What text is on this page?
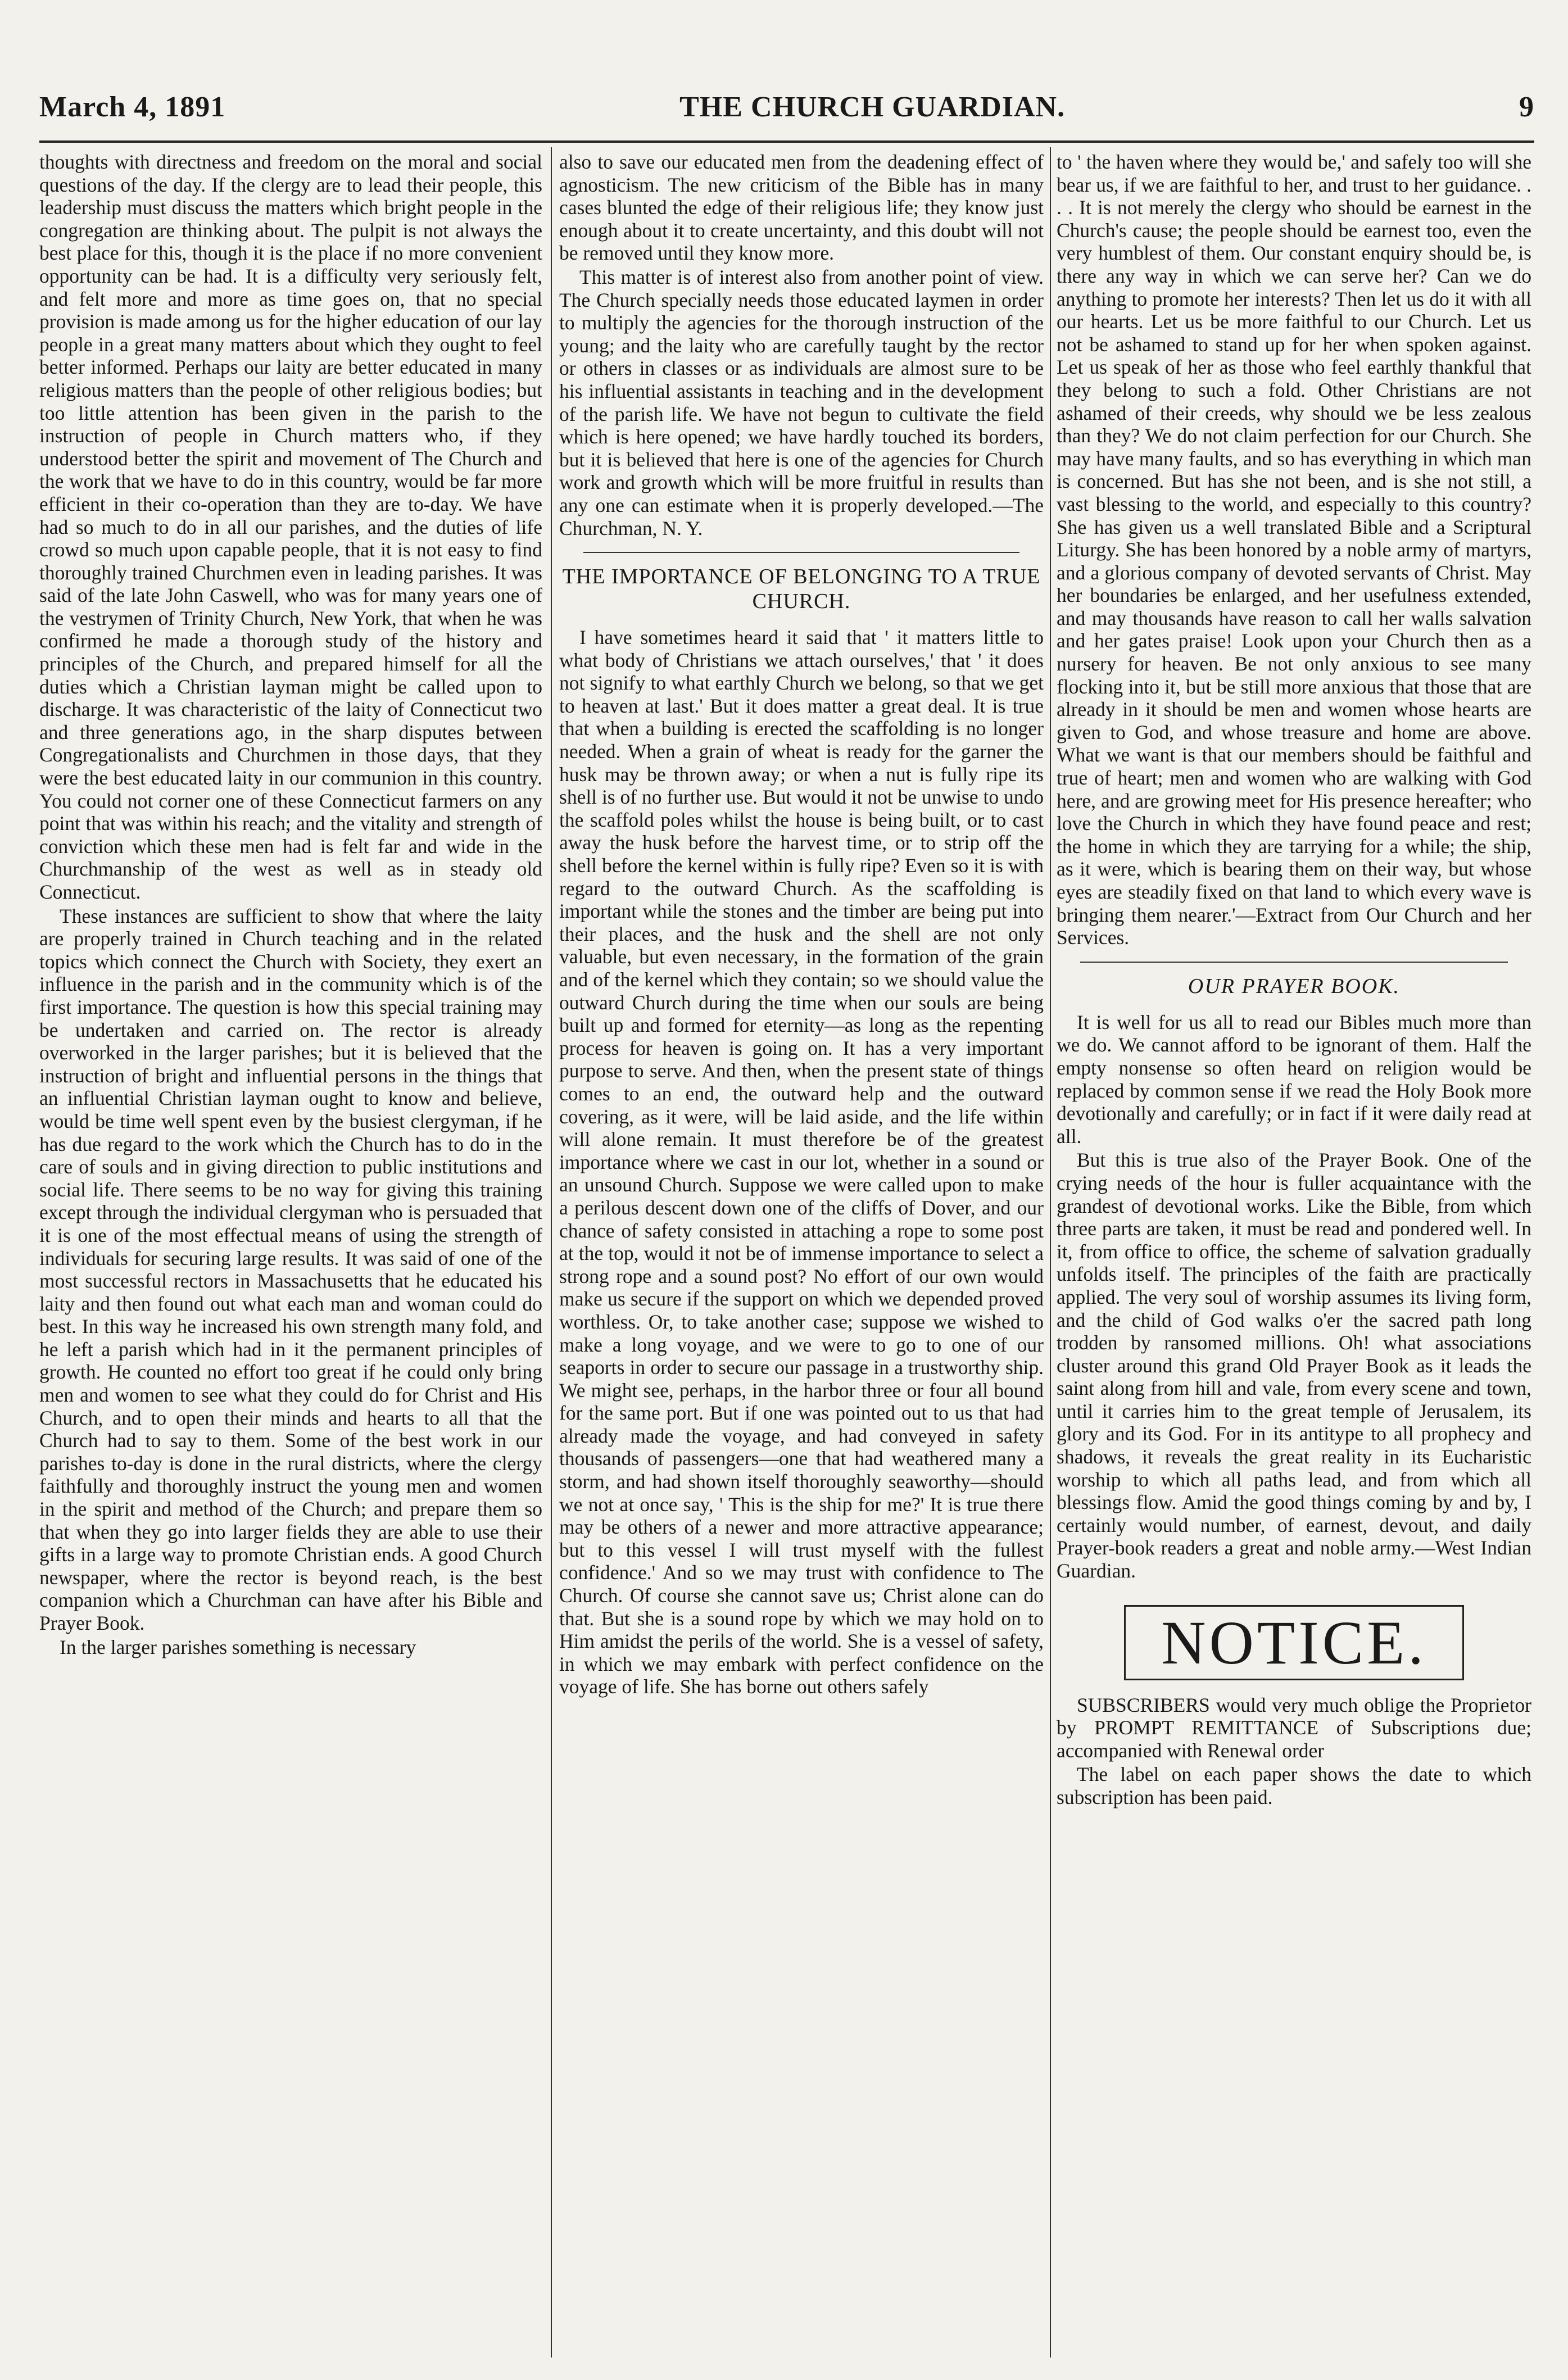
March 4, 1891	THE CHURCH GUARDIAN.	9

thoughts with directness and freedom on the moral and social questions of the day. If the clergy are to lead their people, this leadership must discuss the matters which bright people in the congregation are thinking about. The pulpit is not always the best place for this, though it is the place if no more convenient opportunity can be had. It is a difficulty very seriously felt, and felt more and more as time goes on, that no special provision is made among us for the higher education of our lay people in a great many matters about which they ought to feel better informed. Perhaps our laity are better educated in many religious matters than the people of other religious bodies; but too little attention has been given in the parish to the instruction of people in Church matters who, if they understood better the spirit and movement of The Church and the work that we have to do in this country, would be far more efficient in their co-operation than they are to-day. We have had so much to do in all our parishes, and the duties of life crowd so much upon capable people, that it is not easy to find thoroughly trained Churchmen even in leading parishes. It was said of the late John Caswell, who was for many years one of the vestrymen of Trinity Church, New York, that when he was confirmed he made a thorough study of the history and principles of the Church, and prepared himself for all the duties which a Christian layman might be called upon to discharge. It was characteristic of the laity of Connecticut two and three generations ago, in the sharp disputes between Congregationalists and Churchmen in those days, that they were the best educated laity in our communion in this country. You could not corner one of these Connecticut farmers on any point that was within his reach; and the vitality and strength of conviction which these men had is felt far and wide in the Churchmanship of the west as well as in steady old Connecticut.

These instances are sufficient to show that where the laity are properly trained in Church teaching and in the related topics which connect the Church with Society, they exert an influence in the parish and in the community which is of the first importance. The question is how this special training may be undertaken and carried on. The rector is already overworked in the larger parishes; but it is believed that the instruction of bright and influential persons in the things that an influential Christian layman ought to know and believe, would be time well spent even by the busiest clergyman, if he has due regard to the work which the Church has to do in the care of souls and in giving direction to public institutions and social life. There seems to be no way for giving this training except through the individual clergyman who is persuaded that it is one of the most effectual means of using the strength of individuals for securing large results. It was said of one of the most successful rectors in Massachusetts that he educated his laity and then found out what each man and woman could do best. In this way he increased his own strength many fold, and he left a parish which had in it the permanent principles of growth. He counted no effort too great if he could only bring men and women to see what they could do for Christ and His Church, and to open their minds and hearts to all that the Church had to say to them. Some of the best work in our parishes to-day is done in the rural districts, where the clergy faithfully and thoroughly instruct the young men and women in the spirit and method of the Church; and prepare them so that when they go into larger fields they are able to use their gifts in a large way to promote Christian ends. A good Church newspaper, where the rector is beyond reach, is the best companion which a Churchman can have after his Bible and Prayer Book.

In the larger parishes something is necessary

also to save our educated men from the deadening effect of agnosticism. The new criticism of the Bible has in many cases blunted the edge of their religious life; they know just enough about it to create uncertainty, and this doubt will not be removed until they know more.

This matter is of interest also from another point of view. The Church specially needs those educated laymen in order to multiply the agencies for the thorough instruction of the young; and the laity who are carefully taught by the rector or others in classes or as individuals are almost sure to be his influential assistants in teaching and in the development of the parish life. We have not begun to cultivate the field which is here opened; we have hardly touched its borders, but it is believed that here is one of the agencies for Church work and growth which will be more fruitful in results than any one can estimate when it is properly developed.—The Churchman, N. Y.

THE IMPORTANCE OF BELONGING TO A TRUE CHURCH.

I have sometimes heard it said that ' it matters little to what body of Christians we attach ourselves,' that ' it does not signify to what earthly Church we belong, so that we get to heaven at last.' But it does matter a great deal. It is true that when a building is erected the scaffolding is no longer needed. When a grain of wheat is ready for the garner the husk may be thrown away; or when a nut is fully ripe its shell is of no further use. But would it not be unwise to undo the scaffold poles whilst the house is being built, or to cast away the husk before the harvest time, or to strip off the shell before the kernel within is fully ripe? Even so it is with regard to the outward Church. As the scaffolding is important while the stones and the timber are being put into their places, and the husk and the shell are not only valuable, but even necessary, in the formation of the grain and of the kernel which they contain; so we should value the outward Church during the time when our souls are being built up and formed for eternity—as long as the repenting process for heaven is going on. It has a very important purpose to serve. And then, when the present state of things comes to an end, the outward help and the outward covering, as it were, will be laid aside, and the life within will alone remain. It must therefore be of the greatest importance where we cast in our lot, whether in a sound or an unsound Church. Suppose we were called upon to make a perilous descent down one of the cliffs of Dover, and our chance of safety consisted in attaching a rope to some post at the top, would it not be of immense importance to select a strong rope and a sound post? No effort of our own would make us secure if the support on which we depended proved worthless. Or, to take another case; suppose we wished to make a long voyage, and we were to go to one of our seaports in order to secure our passage in a trustworthy ship. We might see, perhaps, in the harbor three or four all bound for the same port. But if one was pointed out to us that had already made the voyage, and had conveyed in safety thousands of passengers—one that had weathered many a storm, and had shown itself thoroughly seaworthy—should we not at once say, ' This is the ship for me?' It is true there may be others of a newer and more attractive appearance; but to this vessel I will trust myself with the fullest confidence.' And so we may trust with confidence to The Church. Of course she cannot save us; Christ alone can do that. But she is a sound rope by which we may hold on to Him amidst the perils of the world. She is a vessel of safety, in which we may embark with perfect confidence on the voyage of life. She has borne out others safely

to ' the haven where they would be,' and safely too will she bear us, if we are faithful to her, and trust to her guidance. . . . It is not merely the clergy who should be earnest in the Church's cause; the people should be earnest too, even the very humblest of them. Our constant enquiry should be, is there any way in which we can serve her? Can we do anything to promote her interests? Then let us do it with all our hearts. Let us be more faithful to our Church. Let us not be ashamed to stand up for her when spoken against. Let us speak of her as those who feel earthly thankful that they belong to such a fold. Other Christians are not ashamed of their creeds, why should we be less zealous than they? We do not claim perfection for our Church. She may have many faults, and so has everything in which man is concerned. But has she not been, and is she not still, a vast blessing to the world, and especially to this country? She has given us a well translated Bible and a Scriptural Liturgy. She has been honored by a noble army of martyrs, and a glorious company of devoted servants of Christ. May her boundaries be enlarged, and her usefulness extended, and may thousands have reason to call her walls salvation and her gates praise! Look upon your Church then as a nursery for heaven. Be not only anxious to see many flocking into it, but be still more anxious that those that are already in it should be men and women whose hearts are given to God, and whose treasure and home are above. What we want is that our members should be faithful and true of heart; men and women who are walking with God here, and are growing meet for His presence hereafter; who love the Church in which they have found peace and rest; the home in which they are tarrying for a while; the ship, as it were, which is bearing them on their way, but whose eyes are steadily fixed on that land to which every wave is bringing them nearer.'—Extract from Our Church and her Services.

OUR PRAYER BOOK.

It is well for us all to read our Bibles much more than we do. We cannot afford to be ignorant of them. Half the empty nonsense so often heard on religion would be replaced by common sense if we read the Holy Book more devotionally and carefully; or in fact if it were daily read at all.

But this is true also of the Prayer Book. One of the crying needs of the hour is fuller acquaintance with the grandest of devotional works. Like the Bible, from which three parts are taken, it must be read and pondered well. In it, from office to office, the scheme of salvation gradually unfolds itself. The principles of the faith are practically applied. The very soul of worship assumes its living form, and the child of God walks o'er the sacred path long trodden by ransomed millions. Oh! what associations cluster around this grand Old Prayer Book as it leads the saint along from hill and vale, from every scene and town, until it carries him to the great temple of Jerusalem, its glory and its God. For in its antitype to all prophecy and shadows, it reveals the great reality in its Eucharistic worship to which all paths lead, and from which all blessings flow. Amid the good things coming by and by, I certainly would number, of earnest, devout, and daily Prayer-book readers a great and noble army.—West Indian Guardian.

NOTICE.

SUBSCRIBERS would very much oblige the Proprietor by PROMPT REMITTANCE of Subscriptions due; accompanied with Renewal order

The label on each paper shows the date to which subscription has been paid.
